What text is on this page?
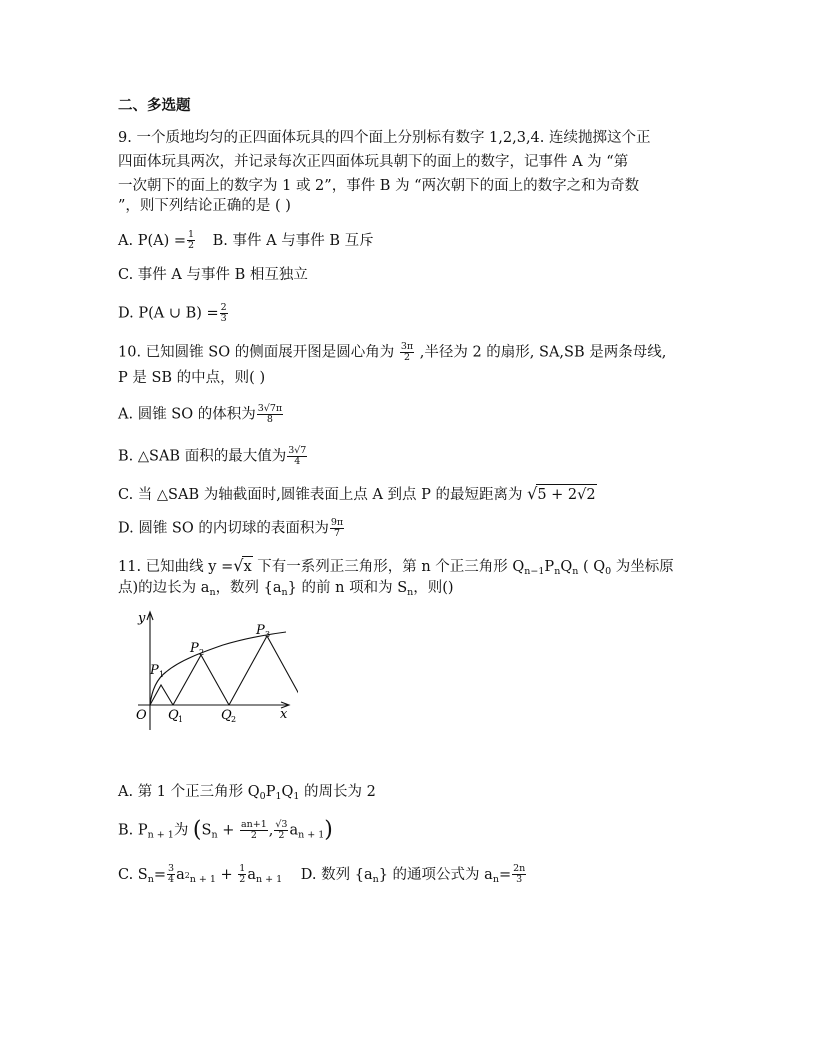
二、多选题
9. 一个质地均匀的正四面体玩具的四个面上分别标有数字 1,2,3,4. 连续抛掷这个正
四面体玩具两次，并记录每次正四面体玩具朝下的面上的数字，记事件 A 为 “第
一次朝下的面上的数字为 1 或 2”，事件 B 为 “两次朝下的面上的数字之和为奇数
”，则下列结论正确的是 ( )
A. $P(A) = \frac{1}{2} B$. 事件 A 与事件 B 互斥
C. 事件 A 与事件 B 相互独立
D. P(A ∪ $B) = \frac{2}{3}$
10. 已知圆锥 SO 的侧面展开图是圆心角为 $\frac{3\pi}{2}$ ,半径为 2 的扇形, SA,SB 是两条母线,
P 是 SB 的中点，则( )
A. 圆锥 SO 的体积为 $\frac{3√7\pi}{8}$
B. △SAB 面积的最大值为 $\frac{3√7}{4}$
C. 当 △SAB 为轴截面时,圆锥表面上点 A 到点 P 的最短距离为 √5 + 2√2
D. 圆锥 SO 的内切球的表面积为 $\frac{9\pi}{7}$
11. 已知曲线 y =√x 下有一系列正三角形，第 n 个正三角形 $Q_{n-1}P_nQ_n$ ( $Q_0$ 为坐标原
点)的边长为 $a_n$，数列 $\{a_n\}$ 的前 n 项和为 $S_n$，则()
y
x
O
P 1
P 2
P 3
Q 1	Q 2
A. 第 1 个正三角形 $Q_0P_1Q_1$ 的周长为 2
B. $P_{n + 1}$为 ($S_n + \frac{an+1}{2}$ , $\frac{√3}{2} a_{n + 1}$)
C. $S_n= \frac{3}{4} a_{^2n + 1} + \frac{1}{2} a_{n + 1}$ D. 数列 $\{a_n\}$ 的通项公式为 $a_n= \frac{2n}{3}$
